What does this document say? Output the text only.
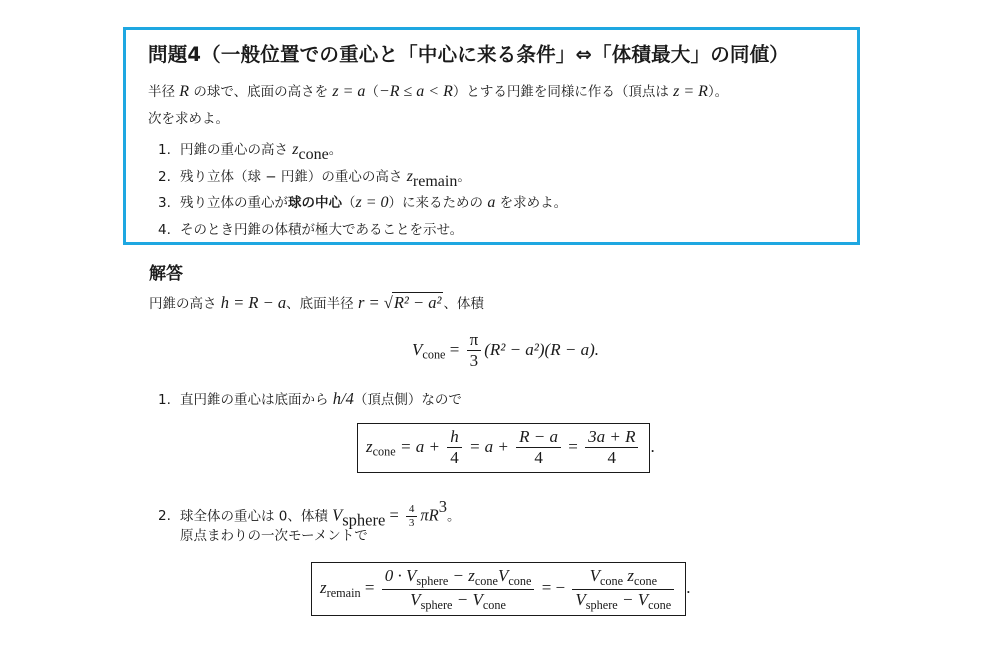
問題4（一般位置での重心と「中心に来る条件」⇔「体積最大」の同値）
半径 R の球で、底面の高さを z = a（−R ≤ a < R）とする円錐を同様に作る（頂点は z = R）。
次を求めよ。
1. 円錐の重心の高さ zcone。
2. 残り立体（球 − 円錐）の重心の高さ zremain。
3. 残り立体の重心が球の中心（z = 0）に来るための a を求めよ。
4. そのとき円錐の体積が極大であることを示せ。
解答
円錐の高さ h = R − a、底面半径 r = √R² − a² 、体積
$V_{cone} = \frac{\pi}{3} (R^2 - a^2)(R - a)$.
1. 直円錐の重心は底面から h/4（頂点側）なので
$z_{cone} = a + \frac{h}{4} = a + \frac{R - a}{4} = \frac{3a + R}{4}$ .
2. 球全体の重心は 0、体積 Vsphere = $\frac{4}{3} \pi R3$。
原点まわりの一次モーメントで
$z_{remain} = \frac{0 \cdot V_{sphere} - z_{cone}V_{cone}}{V_{sphere} - V_{cone}}$ = − $\frac{V_{cone} z_{cone}}{V_{sphere} - V_{cone}}$ .
